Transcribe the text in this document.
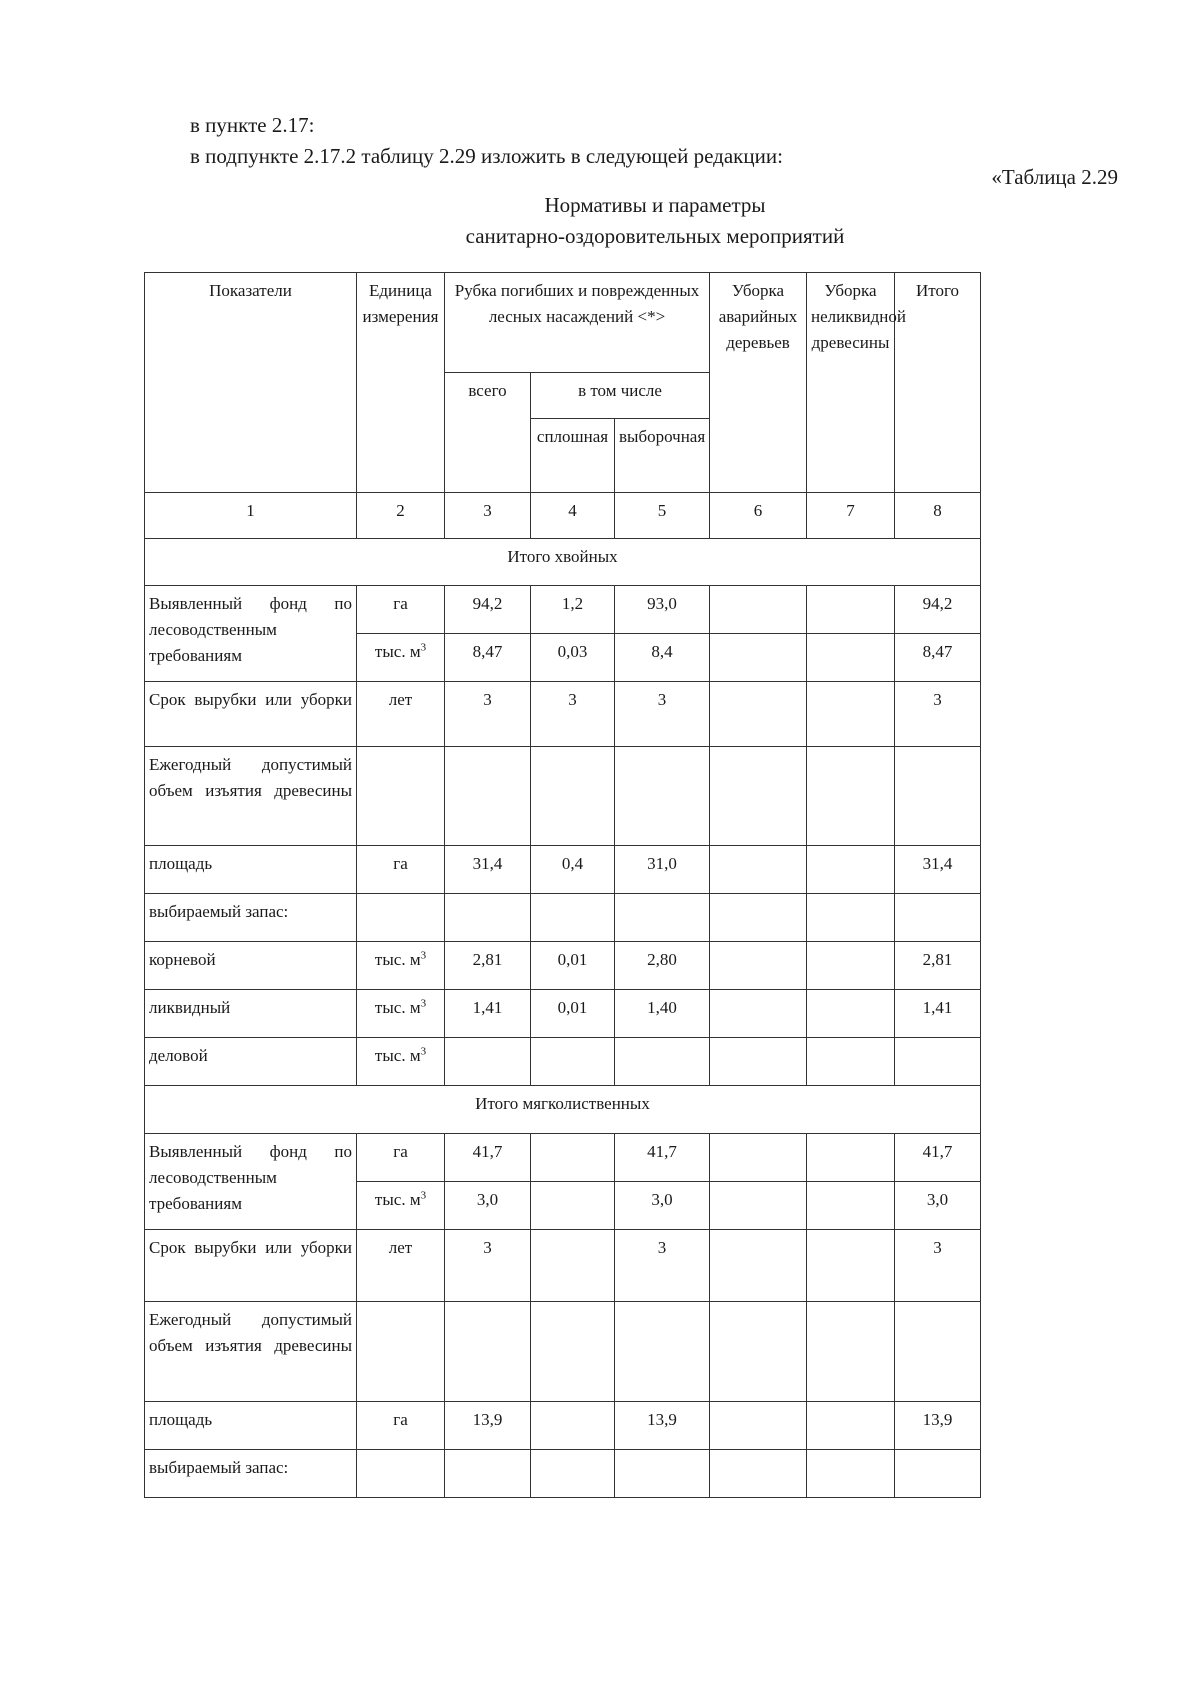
в пункте 2.17:

в подпункте 2.17.2 таблицу 2.29 изложить в следующей редакции:

«Таблица 2.29

Нормативы и параметры

санитарно-оздоровительных мероприятий

Показатели	Единица измерения	Рубка погибших и поврежденных лесных насаждений <*>			Уборка аварийных деревьев	Уборка неликвидной древесины	Итого
		всего	в том числе				
			сплошная	выборочная			
1	2	3	4	5	6	7	8
Итого хвойных							
Выявленный фонд по лесоводственным требованиям	га	94,2	1,2	93,0			94,2
	тыс. $м^3$	8,47	0,03	8,4			8,47
Срок вырубки или уборки	лет	3	3	3			3
Ежегодный допустимый объем изъятия древесины							
площадь	га	31,4	0,4	31,0			31,4
выбираемый запас:							
корневой	тыс. $м^3$	2,81	0,01	2,80			2,81
ликвидный	тыс. $м^3$	1,41	0,01	1,40			1,41
деловой	тыс. $м^3$						
Итого мягколиственных							
Выявленный фонд по лесоводственным требованиям	га	41,7		41,7			41,7
	тыс. $м^3$	3,0		3,0			3,0
Срок вырубки или уборки	лет	3		3			3
Ежегодный допустимый объем изъятия древесины							
площадь	га	13,9		13,9			13,9
выбираемый запас:							
